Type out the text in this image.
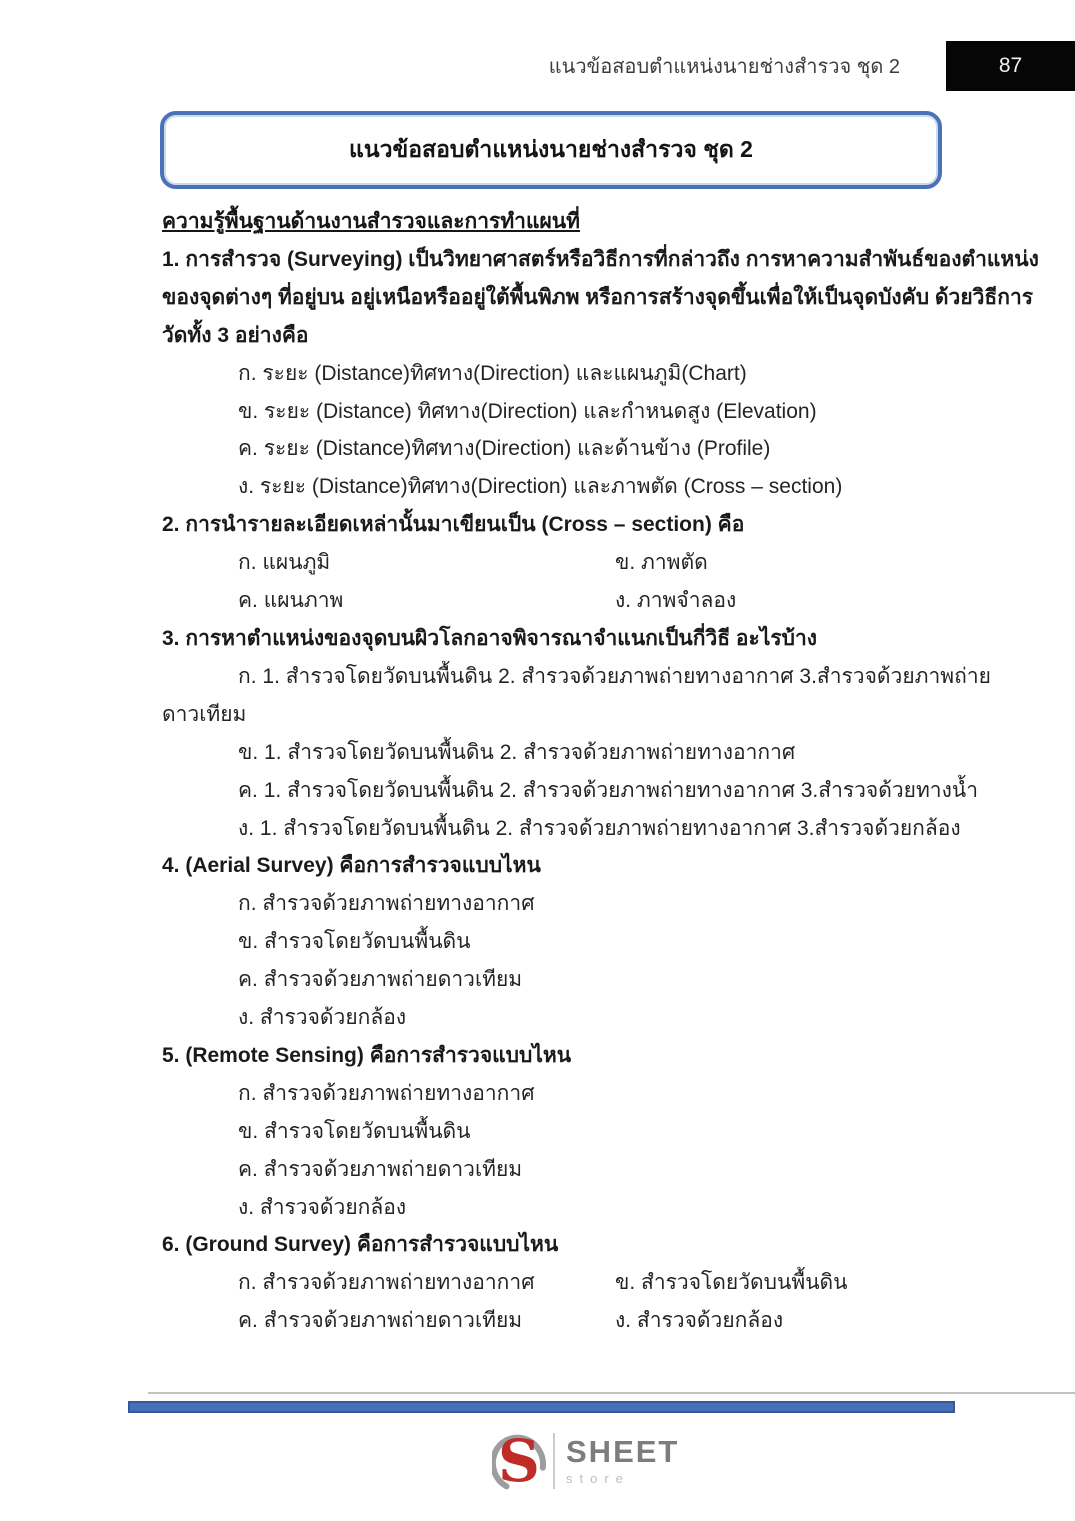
แนวข้อสอบตำแหน่งนายช่างสำรวจ ชุด 2	87
แนวข้อสอบตำแหน่งนายช่างสำรวจ ชุด 2

ความรู้พื้นฐานด้านงานสำรวจและการทำแผนที่

1. การสำรวจ (Surveying) เป็นวิทยาศาสตร์หรือวิธีการที่กล่าวถึง การหาความสำพันธ์ของตำแหน่ง

ของจุดต่างๆ ที่อยู่บน อยู่เหนือหรืออยู่ใต้พื้นพิภพ หรือการสร้างจุดขึ้นเพื่อให้เป็นจุดบังคับ ด้วยวิธีการ

วัดทั้ง 3 อย่างคือ

ก. ระยะ (Distance)ทิศทาง(Direction) และแผนภูมิ(Chart)

ข. ระยะ (Distance) ทิศทาง(Direction) และกำหนดสูง (Elevation)

ค. ระยะ (Distance)ทิศทาง(Direction) และด้านข้าง (Profile)

ง. ระยะ (Distance)ทิศทาง(Direction) และภาพตัด (Cross – section)

2. การนำรายละเอียดเหล่านั้นมาเขียนเป็น (Cross – section) คือ

ก. แผนภูมิ	ข. ภาพตัด

ค. แผนภาพ	ง. ภาพจำลอง

3. การหาตำแหน่งของจุดบนผิวโลกอาจพิจารณาจำแนกเป็นกี่วิธี อะไรบ้าง

ก. 1. สำรวจโดยวัดบนพื้นดิน 2. สำรวจด้วยภาพถ่ายทางอากาศ 3.สำรวจด้วยภาพถ่าย

ดาวเทียม

ข. 1. สำรวจโดยวัดบนพื้นดิน 2. สำรวจด้วยภาพถ่ายทางอากาศ

ค. 1. สำรวจโดยวัดบนพื้นดิน 2. สำรวจด้วยภาพถ่ายทางอากาศ 3.สำรวจด้วยทางน้ำ

ง. 1. สำรวจโดยวัดบนพื้นดิน 2. สำรวจด้วยภาพถ่ายทางอากาศ 3.สำรวจด้วยกล้อง

4. (Aerial Survey) คือการสำรวจแบบไหน

ก. สำรวจด้วยภาพถ่ายทางอากาศ

ข. สำรวจโดยวัดบนพื้นดิน

ค. สำรวจด้วยภาพถ่ายดาวเทียม

ง. สำรวจด้วยกล้อง

5. (Remote Sensing) คือการสำรวจแบบไหน

ก. สำรวจด้วยภาพถ่ายทางอากาศ

ข. สำรวจโดยวัดบนพื้นดิน

ค. สำรวจด้วยภาพถ่ายดาวเทียม

ง. สำรวจด้วยกล้อง

6. (Ground Survey) คือการสำรวจแบบไหน

ก. สำรวจด้วยภาพถ่ายทางอากาศ	ข. สำรวจโดยวัดบนพื้นดิน

ค. สำรวจด้วยภาพถ่ายดาวเทียม	ง. สำรวจด้วยกล้อง

S SHEET
store
